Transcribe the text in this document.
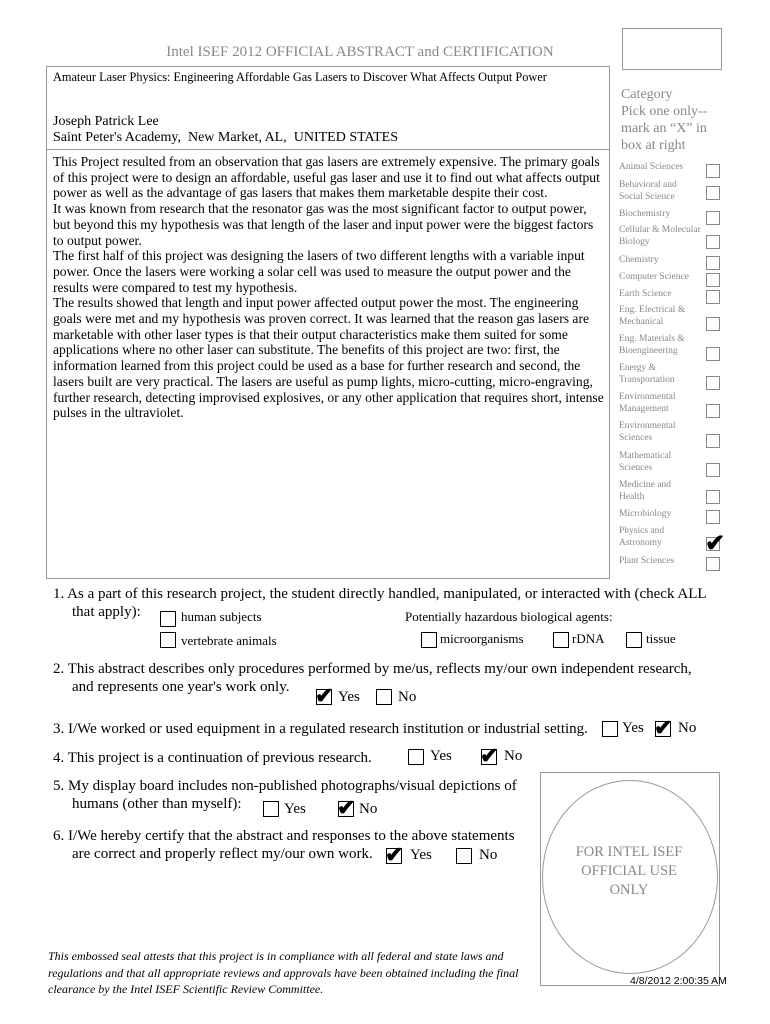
Intel ISEF 2012 OFFICIAL ABSTRACT and CERTIFICATION
Amateur Laser Physics: Engineering Affordable Gas Lasers to Discover What Affects Output Power
Joseph Patrick Lee
Saint Peter's Academy,  New Market, AL,  UNITED STATES
This Project resulted from an observation that gas lasers are extremely expensive. The primary goals of this project were to design an affordable, useful gas laser and use it to find out what affects output power as well as the advantage of gas lasers that makes them marketable despite their cost.
It was known from research that the resonator gas was the most significant factor to output power, but beyond this my hypothesis was that length of the laser and input power were the biggest factors to output power.
The first half of this project was designing the lasers of two different lengths with a variable input power. Once the lasers were working a solar cell was used to measure the output power and the results were compared to test my hypothesis.
The results showed that length and input power affected output power the most. The engineering goals were met and my hypothesis was proven correct. It was learned that the reason gas lasers are marketable with other laser types is that their output characteristics make them suited for some applications where no other laser can substitute. The benefits of this project are two: first, the information learned from this project could be used as a base for further research and second, the lasers built are very practical. The lasers are useful as pump lights, micro-cutting, micro-engraving, further research, detecting improvised explosives, or any other application that requires short, intense pulses in the ultraviolet.
Category
Pick one only--
mark an “X” in
box at right
Animal Sciences
Behavioral and
Social Science
Biochemistry
Cellular & Molecular
Biology
Chemistry
Computer Science
Earth Science
Eng. Electrical &
Mechanical
Eng. Materials &
Bioengineering
Energy &
Transportation
Environmental
Management
Environmental
Sciences
Mathematical
Sciences
Medicine and
Health
Microbiology
Physics and
Astronomy	✔
Plant Sciences
1. As a part of this research project, the student directly handled, manipulated, or interacted with (check ALL
that apply):	human subjects
vertebrate animals
Potentially hazardous biological agents:
microorganisms	rDNA	tissue
2. This abstract describes only procedures performed by me/us, reflects my/our own independent research,
and represents one year's work only. ✔ Yes	No
3. I/We worked or used equipment in a regulated research institution or industrial setting. Yes ✔ No
4. This project is a continuation of previous research.	Yes ✔ No
5. My display board includes non-published photographs/visual depictions of
humans (other than myself):	Yes ✔ No
6. I/We hereby certify that the abstract and responses to the above statements
are correct and properly reflect my/our own work. ✔ Yes	No	FOR INTEL ISEF
OFFICIAL USE
ONLY
This embossed seal attests that this project is in compliance with all federal and state laws and regulations and that all appropriate reviews and approvals have been obtained including the final clearance by the Intel ISEF Scientific Review Committee.
4/8/2012 2:00:35 AM
